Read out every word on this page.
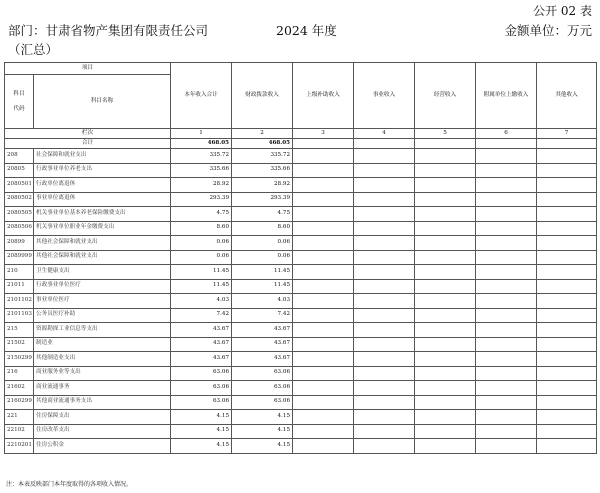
公开 02 表
部门：甘肃省物产集团有限责任公司	2024 年度	金额单位：万元
（汇总）
项目		本年收入合计	财政拨款收入	上级补助收入	事业收入	经营收入	附属单位上缴收入	其他收入
科目代码	科目名称							
栏次		1	2	3	4	5	6	7
合计		468.05	468.05					
208	社会保障和就业支出	335.72	335.72					
20805	行政事业单位养老支出	335.66	335.66					
2080501	行政单位离退休	28.92	28.92					
2080502	事业单位离退休	293.39	293.39					
2080505	机关事业单位基本养老保险缴费支出	4.75	4.75					
2080506	机关事业单位职业年金缴费支出	8.60	8.60					
20899	其他社会保障和就业支出	0.06	0.06					
2089999	其他社会保障和就业支出	0.06	0.06					
210	卫生健康支出	11.45	11.45					
21011	行政事业单位医疗	11.45	11.45					
2101102	事业单位医疗	4.03	4.03					
2101103	公务员医疗补助	7.42	7.42					
215	资源勘探工业信息等支出	43.67	43.67					
21502	制造业	43.67	43.67					
2150299	其他制造业支出	43.67	43.67					
216	商业服务业等支出	63.06	63.06					
21602	商业流通事务	63.06	63.06					
2160299	其他商业流通事务支出	63.06	63.06					
221	住房保障支出	4.15	4.15					
22102	住房改革支出	4.15	4.15					
2210201	住房公积金	4.15	4.15					
注：本表反映部门本年度取得的各项收入情况。
